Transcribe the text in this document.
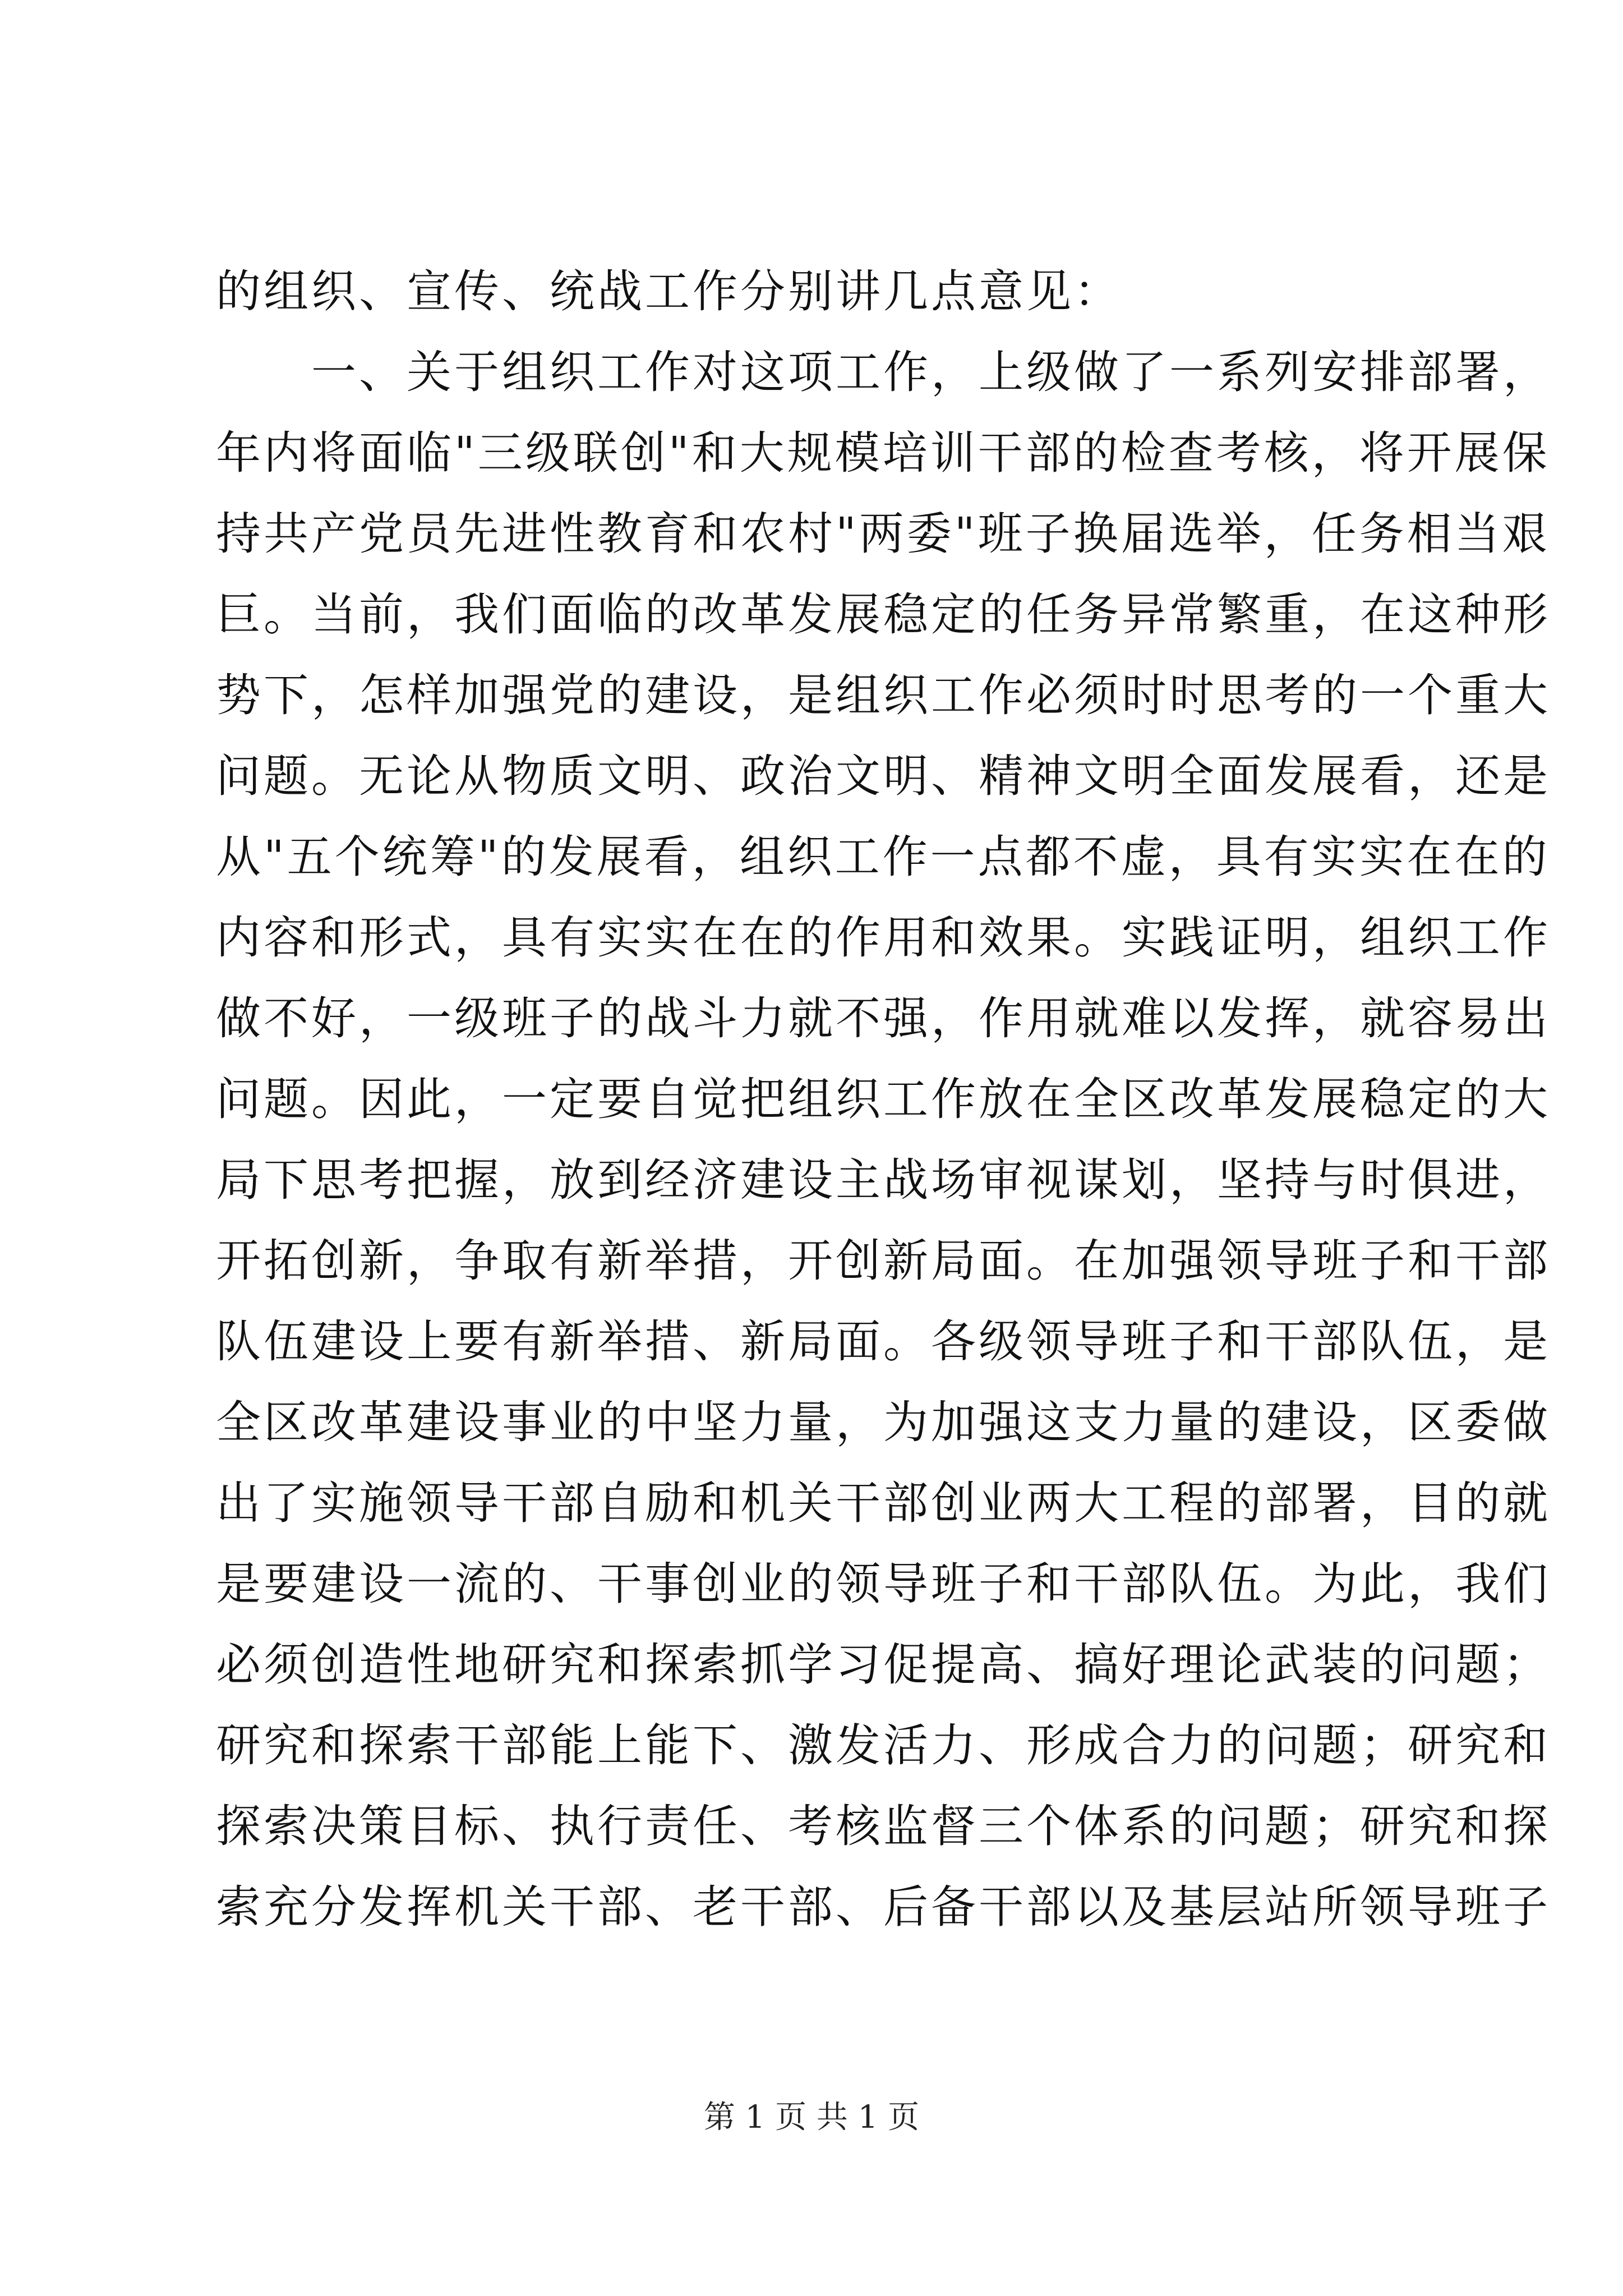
的组织、宣传、统战工作分别讲几点意见：
一、关于组织工作对这项工作，上级做了一系列安排部署，
年内将面临"三级联创"和大规模培训干部的检查考核，将开展保
持共产党员先进性教育和农村"两委"班子换届选举，任务相当艰
巨。当前，我们面临的改革发展稳定的任务异常繁重，在这种形
势下，怎样加强党的建设，是组织工作必须时时思考的一个重大
问题。无论从物质文明、政治文明、精神文明全面发展看，还是
从"五个统筹"的发展看，组织工作一点都不虚，具有实实在在的
内容和形式，具有实实在在的作用和效果。实践证明，组织工作
做不好，一级班子的战斗力就不强，作用就难以发挥，就容易出
问题。因此，一定要自觉把组织工作放在全区改革发展稳定的大
局下思考把握，放到经济建设主战场审视谋划，坚持与时俱进，
开拓创新，争取有新举措，开创新局面。在加强领导班子和干部
队伍建设上要有新举措、新局面。各级领导班子和干部队伍，是
全区改革建设事业的中坚力量，为加强这支力量的建设，区委做
出了实施领导干部自励和机关干部创业两大工程的部署，目的就
是要建设一流的、干事创业的领导班子和干部队伍。为此，我们
必须创造性地研究和探索抓学习促提高、搞好理论武装的问题；
研究和探索干部能上能下、激发活力、形成合力的问题；研究和
探索决策目标、执行责任、考核监督三个体系的问题；研究和探
索充分发挥机关干部、老干部、后备干部以及基层站所领导班子
第 1 页 共 1 页
